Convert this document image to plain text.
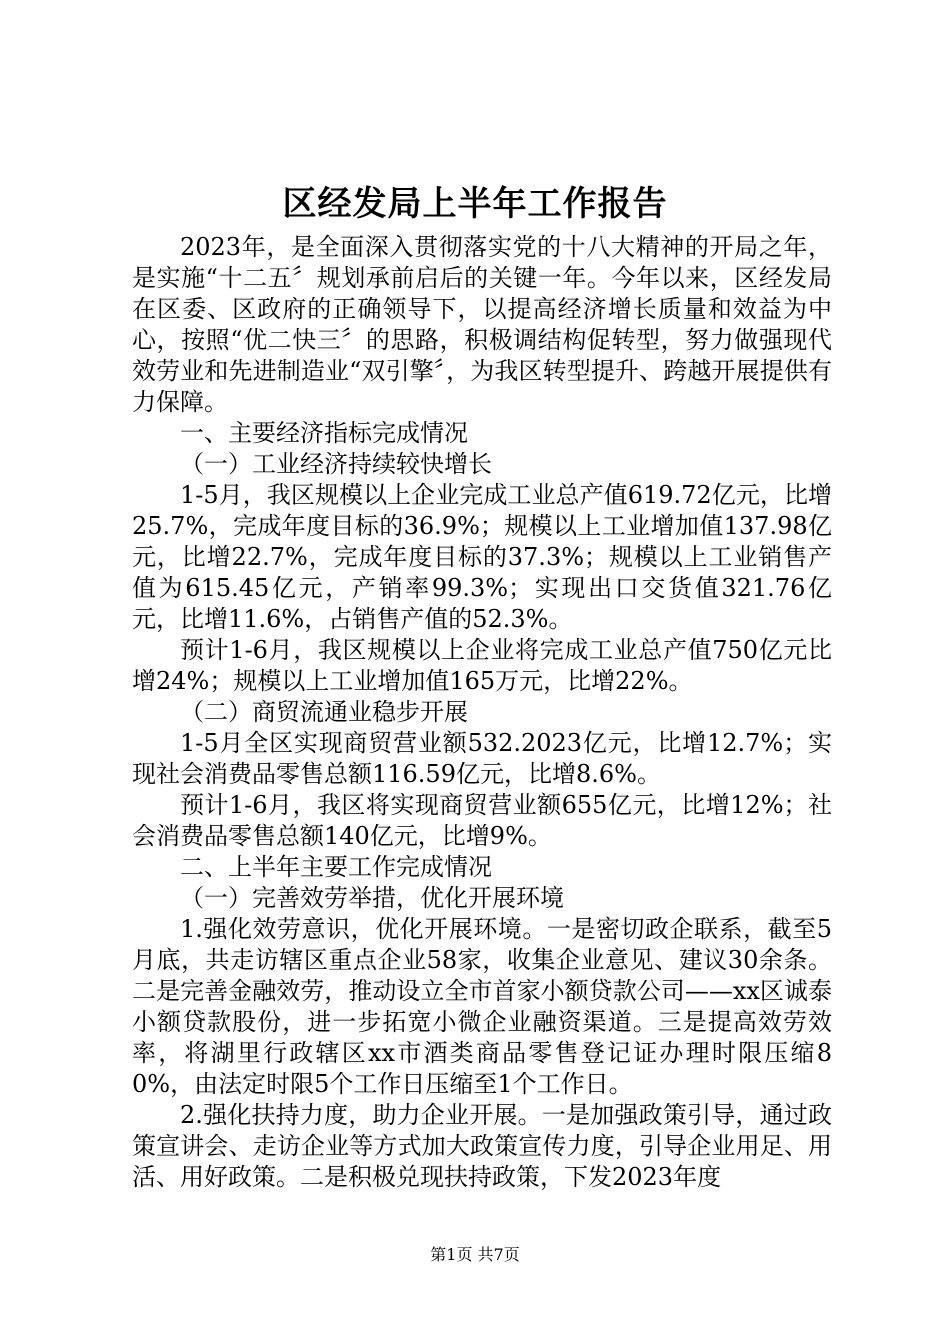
区经发局上半年工作报告

2023年，是全面深入贯彻落实党的十八大精神的开局之年，是实施“十二五〞规划承前启后的关键一年。今年以来，区经发局在区委、区政府的正确领导下，以提高经济增长质量和效益为中心，按照“优二快三〞的思路，积极调结构促转型，努力做强现代效劳业和先进制造业“双引擎〞，为我区转型提升、跨越开展提供有力保障。

一、主要经济指标完成情况

（一）工业经济持续较快增长

1-5月，我区规模以上企业完成工业总产值619.72亿元，比增25.7%，完成年度目标的36.9%；规模以上工业增加值137.98亿元，比增22.7%，完成年度目标的37.3%；规模以上工业销售产值为615.45亿元，产销率99.3%；实现出口交货值321.76亿元，比增11.6%，占销售产值的52.3%。

预计1-6月，我区规模以上企业将完成工业总产值750亿元比增24%；规模以上工业增加值165万元，比增22%。

（二）商贸流通业稳步开展

1-5月全区实现商贸营业额532.2023亿元，比增12.7%；实现社会消费品零售总额116.59亿元，比增8.6%。

预计1-6月，我区将实现商贸营业额655亿元，比增12%；社会消费品零售总额140亿元，比增9%。

二、上半年主要工作完成情况

（一）完善效劳举措，优化开展环境

1.强化效劳意识，优化开展环境。一是密切政企联系，截至5月底，共走访辖区重点企业58家，收集企业意见、建议30余条。二是完善金融效劳，推动设立全市首家小额贷款公司——xx区诚泰小额贷款股份，进一步拓宽小微企业融资渠道。三是提高效劳效率，将湖里行政辖区xx市酒类商品零售登记证办理时限压缩80%，由法定时限5个工作日压缩至1个工作日。

2.强化扶持力度，助力企业开展。一是加强政策引导，通过政策宣讲会、走访企业等方式加大政策宣传力度，引导企业用足、用活、用好政策。二是积极兑现扶持政策，下发2023年度

第1页 共7页
